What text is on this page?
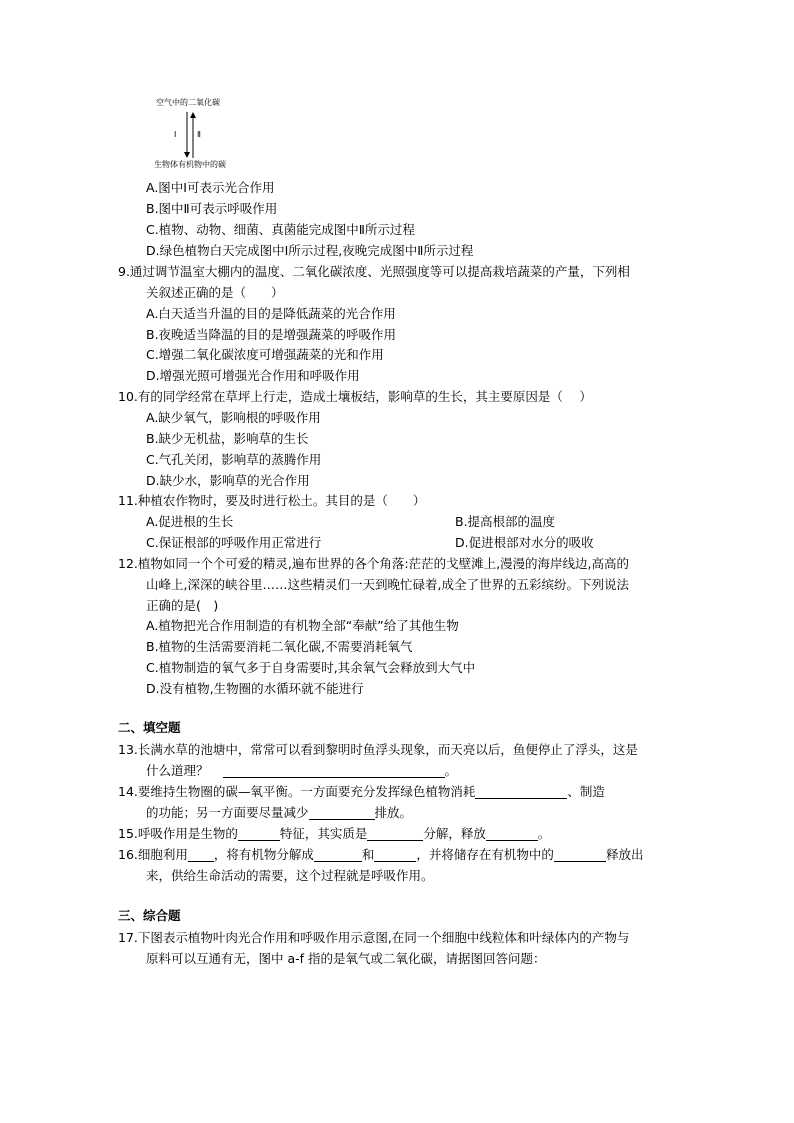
空气中的二氧化碳
Ⅰ	Ⅱ
生物体有机物中的碳
A.图中Ⅰ可表示光合作用
B.图中Ⅱ可表示呼吸作用
C.植物、动物、细菌、真菌能完成图中Ⅱ所示过程
D.绿色植物白天完成图中Ⅰ所示过程,夜晚完成图中Ⅱ所示过程
9.通过调节温室大棚内的温度、二氧化碳浓度、光照强度等可以提高栽培蔬菜的产量，下列相
关叙述正确的是（　　）
A.白天适当升温的目的是降低蔬菜的光合作用
B.夜晚适当降温的目的是增强蔬菜的呼吸作用
C.增强二氧化碳浓度可增强蔬菜的光和作用
D.增强光照可增强光合作用和呼吸作用
10.有的同学经常在草坪上行走，造成土壤板结，影响草的生长，其主要原因是（　 ）
A.缺少氧气，影响根的呼吸作用
B.缺少无机盐，影响草的生长
C.气孔关闭，影响草的蒸腾作用
D.缺少水，影响草的光合作用
11.种植农作物时，要及时进行松土。其目的是（　　）
A.促进根的生长	B.提高根部的温度
C.保证根部的呼吸作用正常进行	D.促进根部对水分的吸收
12.植物如同一个个可爱的精灵,遍布世界的各个角落:茫茫的戈壁滩上,漫漫的海岸线边,高高的
山峰上,深深的峡谷里……这些精灵们一天到晚忙碌着,成全了世界的五彩缤纷。下列说法
正确的是(　)
A.植物把光合作用制造的有机物全部“奉献”给了其他生物
B.植物的生活需要消耗二氧化碳,不需要消耗氧气
C.植物制造的氧气多于自身需要时,其余氧气会释放到大气中
D.没有植物,生物圈的水循环就不能进行
二、填空题
13.长满水草的池塘中，常常可以看到黎明时鱼浮头现象，而天亮以后，鱼便停止了浮头，这是
什么道理？	。
14.要维持生物圈的碳—氧平衡。一方面要充分发挥绿色植物消耗	、制造
的功能；另一方面要尽量减少	排放。
15.呼吸作用是生物的	特征，其实质是	分解，释放	。
16.细胞利用 ，将有机物分解成	和	，并将储存在有机物中的	释放出
来，供给生命活动的需要，这个过程就是呼吸作用。
三、综合题
17.下图表示植物叶肉光合作用和呼吸作用示意图,在同一个细胞中线粒体和叶绿体内的产物与
原料可以互通有无，图中 a-f 指的是氧气或二氧化碳，请据图回答问题：
